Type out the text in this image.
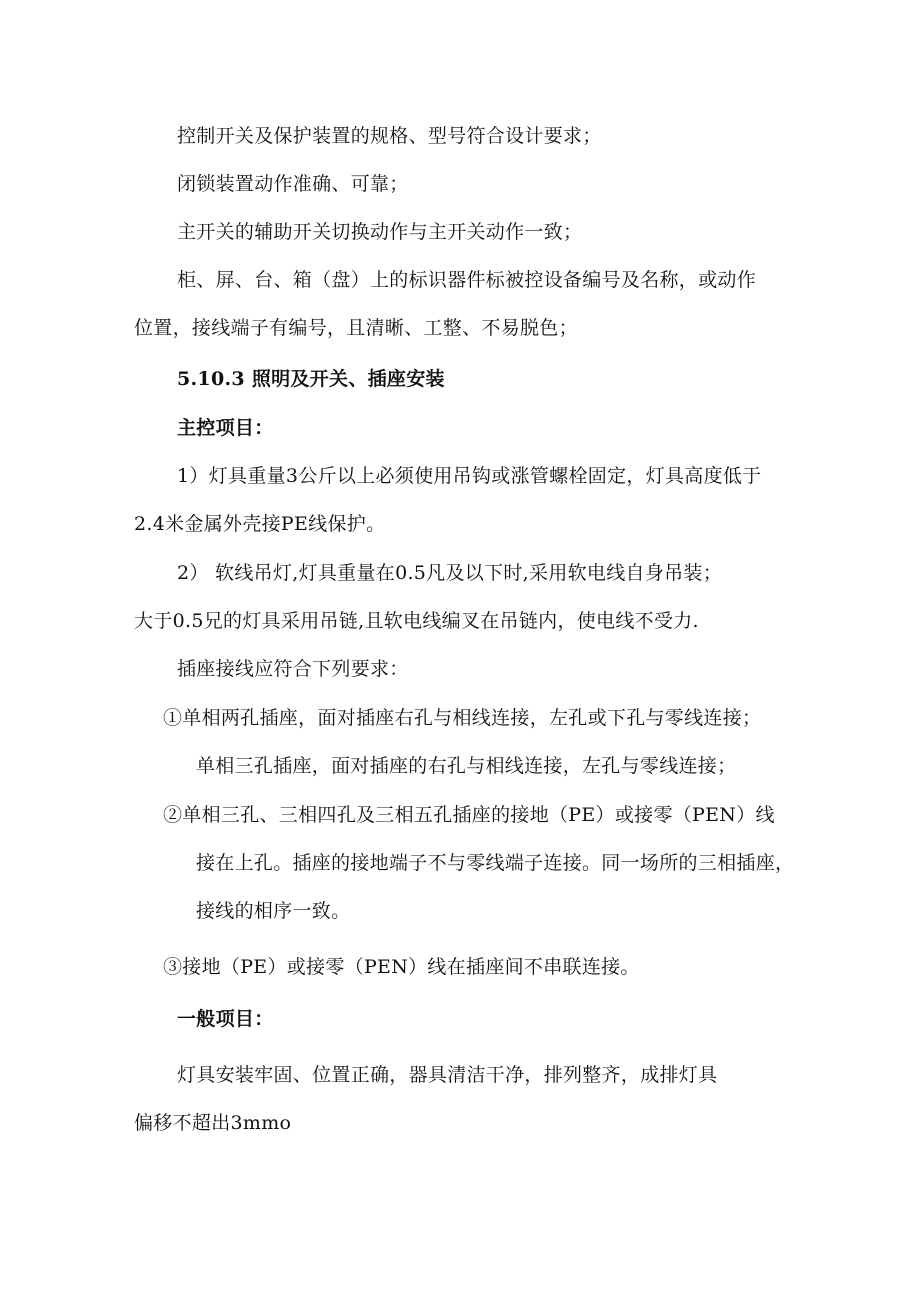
控制开关及保护装置的规格、型号符合设计要求；
闭锁装置动作准确、可靠；
主开关的辅助开关切换动作与主开关动作一致；
柜、屏、台、箱（盘）上的标识器件标被控设备编号及名称，或动作
位置，接线端子有编号，且清晰、工整、不易脱色；
5.10.3 照明及开关、插座安装
主控项目：
1）灯具重量3公斤以上必须使用吊钩或涨管螺栓固定，灯具高度低于
2.4米金属外壳接PE线保护。
2） 软线吊灯,灯具重量在0.5凡及以下时,采用软电线自身吊装；
大于0.5兄的灯具采用吊链,且软电线编叉在吊链内，使电线不受力.
插座接线应符合下列要求：
①单相两孔插座，面对插座右孔与相线连接，左孔或下孔与零线连接；
单相三孔插座，面对插座的右孔与相线连接，左孔与零线连接；
②单相三孔、三相四孔及三相五孔插座的接地（PE）或接零（PEN）线
接在上孔。插座的接地端子不与零线端子连接。同一场所的三相插座，
接线的相序一致。
③接地（PE）或接零（PEN）线在插座间不串联连接。
一般项目：
灯具安装牢固、位置正确，器具清洁干净，排列整齐，成排灯具
偏移不超出3mmo
